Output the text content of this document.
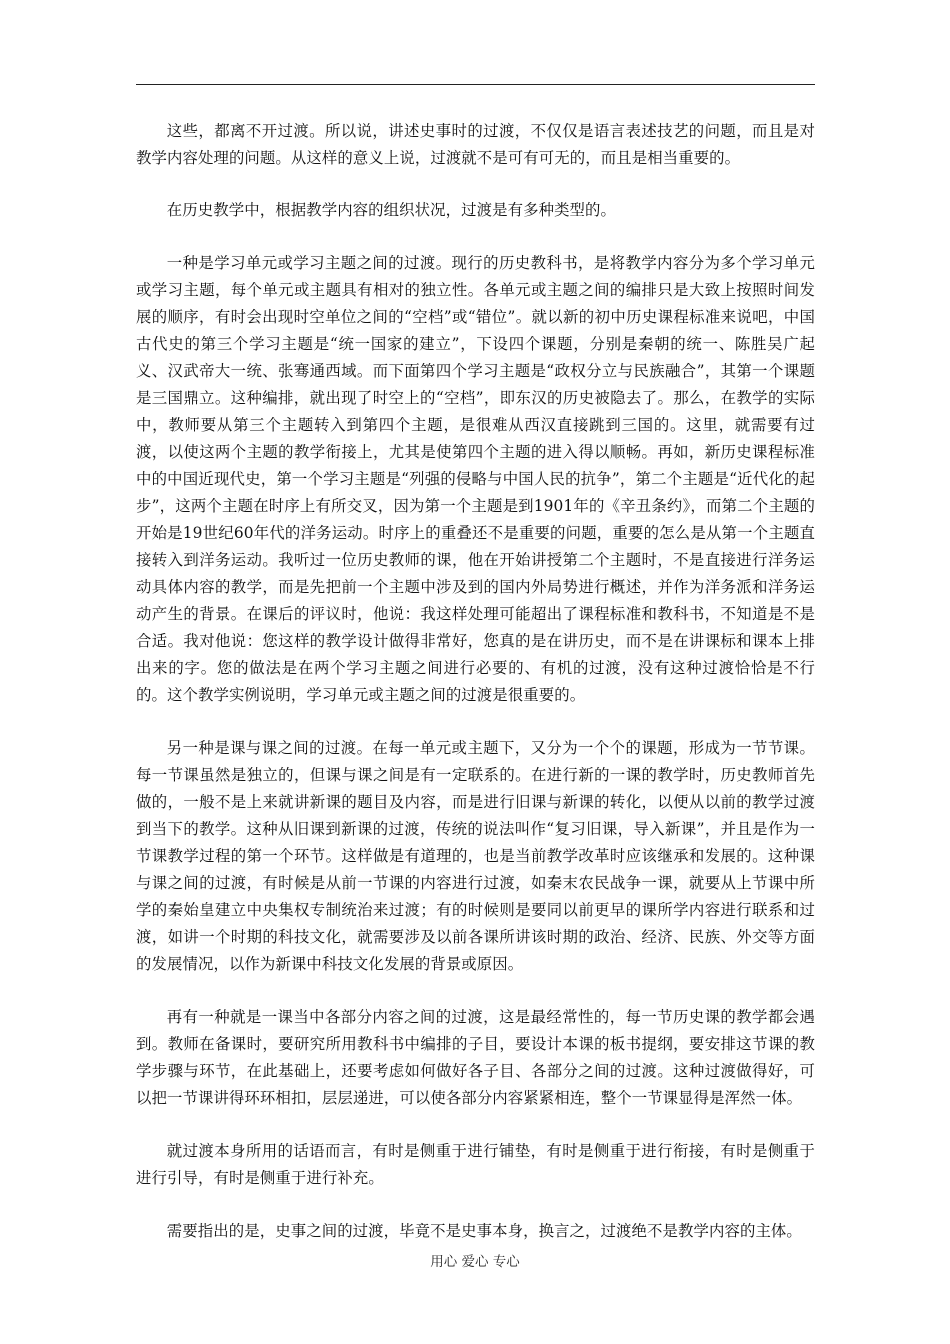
这些，都离不开过渡。所以说，讲述史事时的过渡，不仅仅是语言表述技艺的问题，而且是对教学内容处理的问题。从这样的意义上说，过渡就不是可有可无的，而且是相当重要的。

在历史教学中，根据教学内容的组织状况，过渡是有多种类型的。

一种是学习单元或学习主题之间的过渡。现行的历史教科书，是将教学内容分为多个学习单元或学习主题，每个单元或主题具有相对的独立性。各单元或主题之间的编排只是大致上按照时间发展的顺序，有时会出现时空单位之间的“空档”或“错位”。就以新的初中历史课程标准来说吧，中国古代史的第三个学习主题是“统一国家的建立”，下设四个课题，分别是秦朝的统一、陈胜吴广起义、汉武帝大一统、张骞通西域。而下面第四个学习主题是“政权分立与民族融合”，其第一个课题是三国鼎立。这种编排，就出现了时空上的“空档”，即东汉的历史被隐去了。那么，在教学的实际中，教师要从第三个主题转入到第四个主题，是很难从西汉直接跳到三国的。这里，就需要有过渡，以使这两个主题的教学衔接上，尤其是使第四个主题的进入得以顺畅。再如，新历史课程标准中的中国近现代史，第一个学习主题是“列强的侵略与中国人民的抗争”，第二个主题是“近代化的起步”，这两个主题在时序上有所交叉，因为第一个主题是到1901年的《辛丑条约》，而第二个主题的开始是19世纪60年代的洋务运动。时序上的重叠还不是重要的问题，重要的怎么是从第一个主题直接转入到洋务运动。我听过一位历史教师的课，他在开始讲授第二个主题时，不是直接进行洋务运动具体内容的教学，而是先把前一个主题中涉及到的国内外局势进行概述，并作为洋务派和洋务运动产生的背景。在课后的评议时，他说：我这样处理可能超出了课程标准和教科书，不知道是不是合适。我对他说：您这样的教学设计做得非常好，您真的是在讲历史，而不是在讲课标和课本上排出来的字。您的做法是在两个学习主题之间进行必要的、有机的过渡，没有这种过渡恰恰是不行的。这个教学实例说明，学习单元或主题之间的过渡是很重要的。

另一种是课与课之间的过渡。在每一单元或主题下，又分为一个个的课题，形成为一节节课。每一节课虽然是独立的，但课与课之间是有一定联系的。在进行新的一课的教学时，历史教师首先做的，一般不是上来就讲新课的题目及内容，而是进行旧课与新课的转化，以便从以前的教学过渡到当下的教学。这种从旧课到新课的过渡，传统的说法叫作“复习旧课，导入新课”，并且是作为一节课教学过程的第一个环节。这样做是有道理的，也是当前教学改革时应该继承和发展的。这种课与课之间的过渡，有时候是从前一节课的内容进行过渡，如秦末农民战争一课，就要从上节课中所学的秦始皇建立中央集权专制统治来过渡；有的时候则是要同以前更早的课所学内容进行联系和过渡，如讲一个时期的科技文化，就需要涉及以前各课所讲该时期的政治、经济、民族、外交等方面的发展情况，以作为新课中科技文化发展的背景或原因。

再有一种就是一课当中各部分内容之间的过渡，这是最经常性的，每一节历史课的教学都会遇到。教师在备课时，要研究所用教科书中编排的子目，要设计本课的板书提纲，要安排这节课的教学步骤与环节，在此基础上，还要考虑如何做好各子目、各部分之间的过渡。这种过渡做得好，可以把一节课讲得环环相扣，层层递进，可以使各部分内容紧紧相连，整个一节课显得是浑然一体。

就过渡本身所用的话语而言，有时是侧重于进行铺垫，有时是侧重于进行衔接，有时是侧重于进行引导，有时是侧重于进行补充。

需要指出的是，史事之间的过渡，毕竟不是史事本身，换言之，过渡绝不是教学内容的主体。

用心 爱心 专心
